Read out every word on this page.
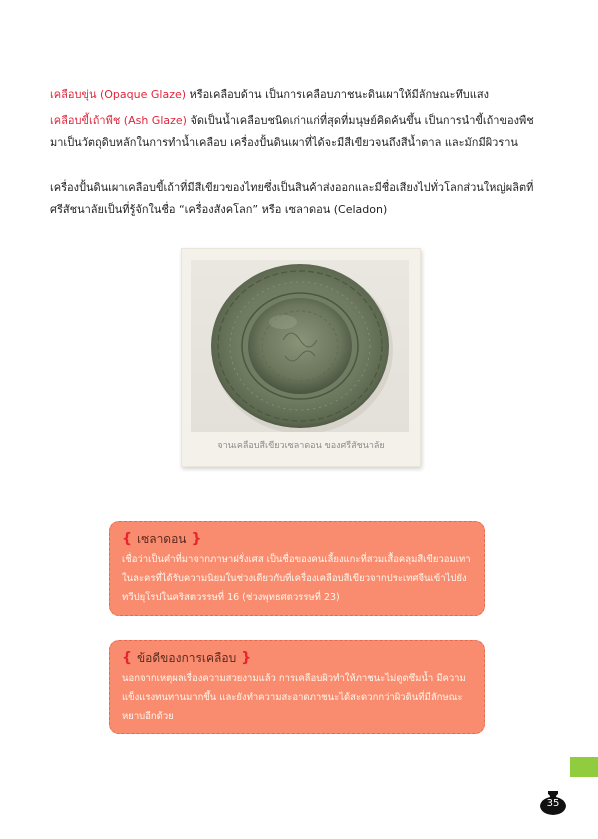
เคลือบขุ่น (Opaque Glaze) หรือเคลือบด้าน เป็นการเคลือบภาชนะดินเผาให้มีลักษณะทึบแสง
เคลือบขี้เถ้าพืช (Ash Glaze) จัดเป็นน้ำเคลือบชนิดเก่าแก่ที่สุดที่มนุษย์คิดค้นขึ้น เป็นการนำขี้เถ้าของพืชมาเป็นวัตถุดิบหลักในการทำน้ำเคลือบ เครื่องปั้นดินเผาที่ได้จะมีสีเขียวจนถึงสีน้ำตาล และมักมีผิวราน
เครื่องปั้นดินเผาเคลือบขี้เถ้าที่มีสีเขียวของไทยซึ่งเป็นสินค้าส่งออกและมีชื่อเสียงไปทั่วโลกส่วนใหญ่ผลิตที่ศรีสัชนาลัยเป็นที่รู้จักในชื่อ “เครื่องสังคโลก” หรือ เซลาดอน (Celadon)
จานเคลือบสีเขียวเซลาดอน ของศรีสัชนาลัย
{ เซลาดอน }
เชื่อว่าเป็นคำที่มาจากภาษาฝรั่งเศส เป็นชื่อของคนเลี้ยงแกะที่สวมเสื้อคลุมสีเขียวอมเทาในละครที่ได้รับความนิยมในช่วงเดียวกับที่เครื่องเคลือบสีเขียวจากประเทศจีนเข้าไปยังทวีปยุโรปในคริสตวรรษที่ 16 (ช่วงพุทธศตวรรษที่ 23)
{ ข้อดีของการเคลือบ }
นอกจากเหตุผลเรื่องความสวยงามแล้ว การเคลือบผิวทำให้ภาชนะไม่ดูดซึมน้ำ มีความแข็งแรงทนทานมากขึ้น และยังทำความสะอาดภาชนะได้สะดวกกว่าผิวดินที่มีลักษณะหยาบอีกด้วย
35
